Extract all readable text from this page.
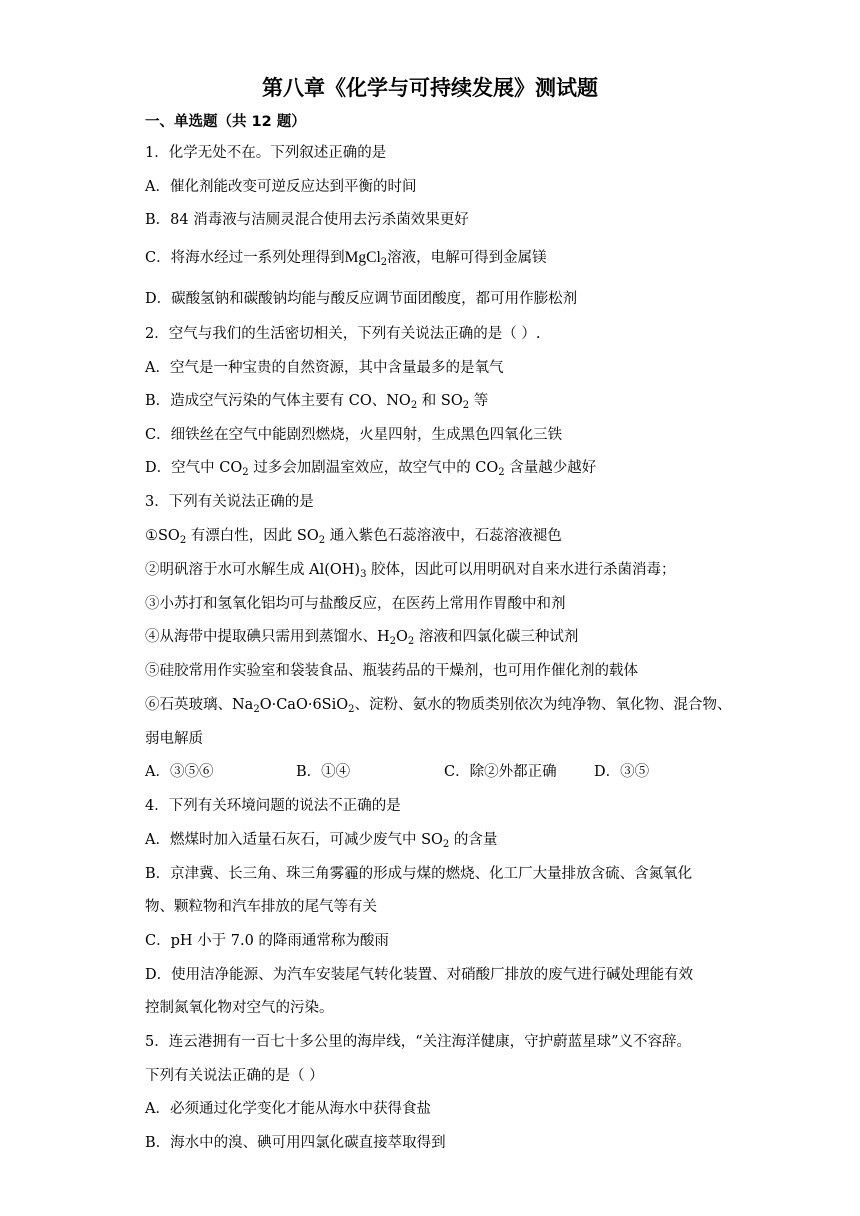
第八章《化学与可持续发展》测试题
一、单选题（共 12 题）
1．化学无处不在。下列叙述正确的是
A．催化剂能改变可逆反应达到平衡的时间
B．84 消毒液与洁厕灵混合使用去污杀菌效果更好
C．将海水经过一系列处理得到MgCl$_2$溶液，电解可得到金属镁
D．碳酸氢钠和碳酸钠均能与酸反应调节面团酸度，都可用作膨松剂
2．空气与我们的生活密切相关，下列有关说法正确的是（ ）.
A．空气是一种宝贵的自然资源，其中含量最多的是氧气
B．造成空气污染的气体主要有 CO、$NO_2$ 和 $SO_2$ 等
C．细铁丝在空气中能剧烈燃烧，火星四射，生成黑色四氧化三铁
D．空气中 $CO_2$ 过多会加剧温室效应，故空气中的 $CO_2$ 含量越少越好
3．下列有关说法正确的是
$①SO_2$ 有漂白性，因此 $SO_2$ 通入紫色石蕊溶液中，石蕊溶液褪色
②明矾溶于水可水解生成 $Al(OH)_3$ 胶体，因此可以用明矾对自来水进行杀菌消毒；
③小苏打和氢氧化铝均可与盐酸反应，在医药上常用作胃酸中和剂
④从海带中提取碘只需用到蒸馏水、$H_2O_2$ 溶液和四氯化碳三种试剂
⑤硅胶常用作实验室和袋装食品、瓶装药品的干燥剂，也可用作催化剂的载体
⑥石英玻璃、$Na_2O\cdot CaO\cdot 6SiO_2$、淀粉、氨水的物质类别依次为纯净物、氧化物、混合物、
弱电解质
A．③⑤⑥	B．①④	C．除②外都正确	D．③⑤
4．下列有关环境问题的说法不正确的是
A．燃煤时加入适量石灰石，可减少废气中 $SO_2$ 的含量
B．京津冀、长三角、珠三角雾霾的形成与煤的燃烧、化工厂大量排放含硫、含氮氧化
物、颗粒物和汽车排放的尾气等有关
C．pH 小于 7.0 的降雨通常称为酸雨
D．使用洁净能源、为汽车安装尾气转化装置、对硝酸厂排放的废气进行碱处理能有效
控制氮氧化物对空气的污染。
5．连云港拥有一百七十多公里的海岸线，“关注海洋健康，守护蔚蓝星球”义不容辞。
下列有关说法正确的是（ ）
A．必须通过化学变化才能从海水中获得食盐
B．海水中的溴、碘可用四氯化碳直接萃取得到
